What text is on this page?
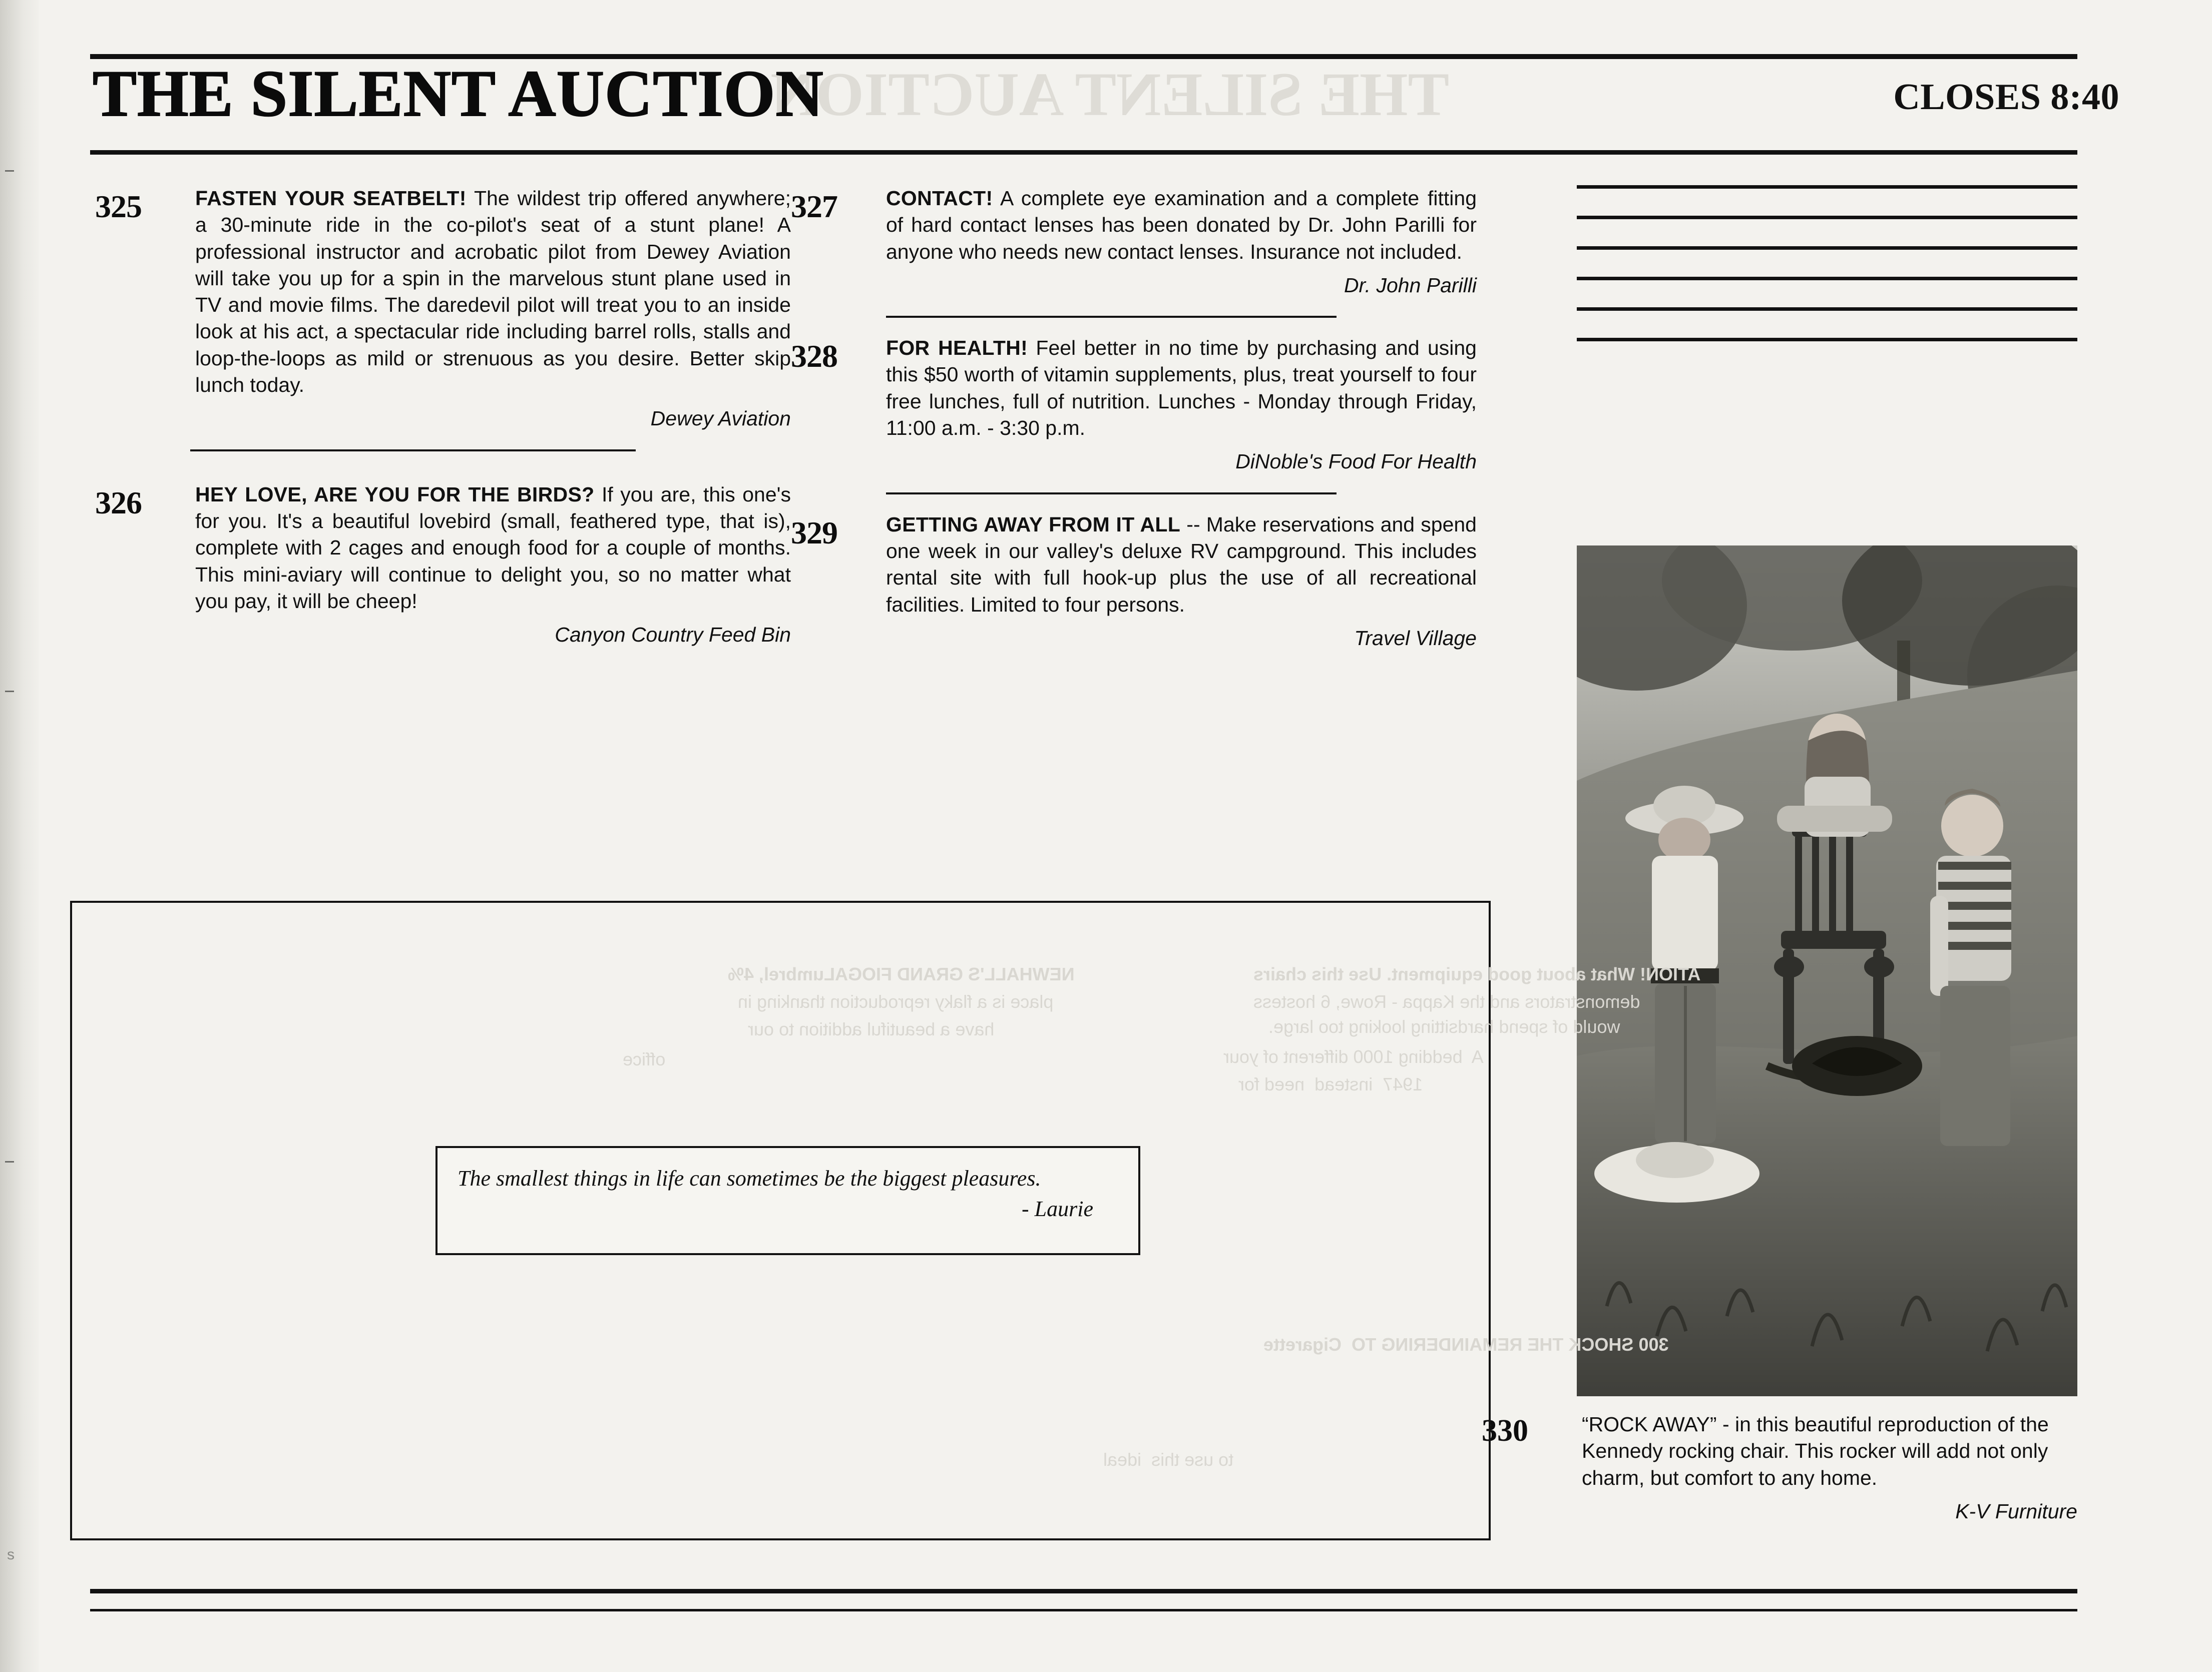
s
THE SILENT AUCTION
THE SILENT AUCTION	CLOSES 8:40
325	FASTEN YOUR SEATBELT! The wildest trip offered anywhere; a 30-minute ride in the co-pilot's seat of a stunt plane! A professional instructor and acrobatic pilot from Dewey Aviation will take you up for a spin in the marvelous stunt plane used in TV and movie films. The daredevil pilot will treat you to an inside look at his act, a spectacular ride including barrel rolls, stalls and loop-the-loops as mild or strenuous as you desire. Better skip lunch today.
Dewey Aviation
326	HEY LOVE, ARE YOU FOR THE BIRDS? If you are, this one's for you. It's a beautiful lovebird (small, feathered type, that is), complete with 2 cages and enough food for a couple of months. This mini-aviary will continue to delight you, so no matter what you pay, it will be cheep!
Canyon Country Feed Bin
327 CONTACT! A complete eye examination and a complete fitting of hard contact lenses has been donated by Dr. John Parilli for anyone who needs new contact lenses. Insurance not included.
Dr. John Parilli
328 FOR HEALTH! Feel better in no time by purchasing and using this $50 worth of vitamin supplements, plus, treat yourself to four free lunches, full of nutrition. Lunches - Monday through Friday, 11:00 a.m. - 3:30 p.m.
DiNoble's Food For Health
329 GETTING AWAY FROM IT ALL -- Make reservations and spend one week in our valley's deluxe RV campground. This includes rental site with full hook-up plus the use of all recreational facilities. Limited to four persons.
Travel Village
330	“ROCK AWAY” - in this beautiful reproduction of the Kennedy rocking chair. This rocker will add not only charm, but comfort to any home.
K-V Furniture
ATION! What about good equipment. Use this chairs
demonstrators and the Kappa - Rowe, 6 hostess
would of spend hardsitting looking too large.
A  bedding 1000 different of your
1947  instead  need for
300 SHOCK THE REMAINDERING TO  Cigarette
to use this  ideal
NEWHALL'S GRAND FIOGALumbrel, 4%
place is a flaky reproduction thanking in
have a beautiful addition to our
office
The smallest things in life can sometimes be the biggest pleasures.
- Laurie
